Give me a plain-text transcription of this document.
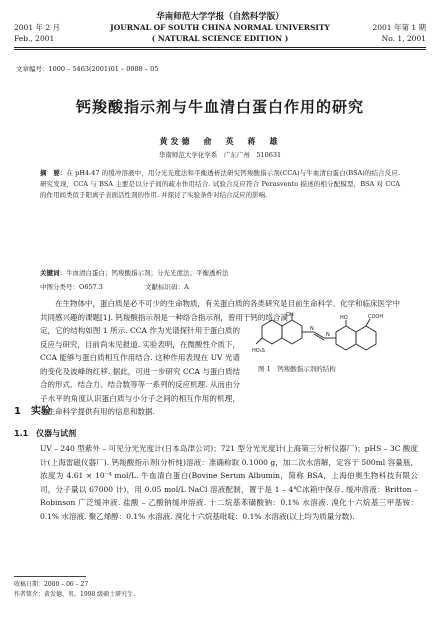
华南师范大学学报（自然科学版）
2001 年 2 月
Feb., 2001
JOURNAL OF SOUTH CHINA NORMAL UNIVERSITY
( NATURAL SCIENCE EDITION )
2001 年第 1 期
No. 1, 2001
文章编号：1000 – 5463(2001)01 – 0088 – 05
钙羧酸指示剂与牛血清白蛋白作用的研究
黄发德　俞　英　蒋　雄
华南师范大学化学系　广东广州　510631
摘　要：在 pH4.47 的缓冲溶液中，用分光光度法和平衡透析法研究钙羧酸指示剂(CCA)与牛血清白蛋白(BSA)的结合反应. 研究发现，CCA 与 BSA 主要是以分子间的疏水作用结合. 试验合反应符合 Perasvento 描述的相分配模型，BSA 对 CCA 的作用间类似于阳离子表面活性剂的作用. 并探讨了实验条件对结合反应的影响.
关键词：牛血清白蛋白；钙羧酸指示剂；分光光度法；平衡透析法
中图分类号：O657.3	文献标识码：A
在生物体中，蛋白质是必不可少的生命物质，有关蛋白质的各类研究是目前生命科学、化学和临床医学中共同感兴趣的课题[1]. 钙羧酸指示剂是一种络合指示剂，曾用于钙的络合滴
定，它的结构如图 1 所示. CCA 作为光谱探针用于蛋白质的反应与研究，目前尚未见报道. 实验表明，在微酸性介质下，CCA 能够与蛋白质相互作用结合. 这种作用表现在 UV 光谱的变化及波峰的红移. 据此，可进一步研究 CCA 与蛋白质结合的形式、结合力、结合数等等一系列的反应机理. 从而由分子水平的角度认识蛋白质与小分子之间的相互作用的机理，为生命科学提供有用的信息和数据.
OH	COOH
HO
N
N
HO₃S
图 1　钙羧酸指示剂的结构
1　实验
1.1　仪器与试剂
UV – 240 型紫外 – 可见分光光度计(日本岛津公司)；721 型分光光度计(上海第三分析仪器厂)；pHS – 3C 酸度计(上海雷磁仪器厂). 钙羧酸指示剂(分析纯)溶液：准确称取 0.1000 g，加二次水溶解，定容于 500ml 容量瓶，浓度为 4.61 × 10⁻⁴ mol/L. 牛血清白蛋白(Bovine Serum Albumin，简称 BSA，上海伯奥生物科技有限公司，分子量以 67000 计)，用 0.05 mol/L NaCl 溶液配制，置于是 1 – 4℃冰箱中保存. 缓冲溶液：Britton – Robinson 广泛缓冲液. 盐酸 – 乙酸钠缓冲溶液. 十二烷基苯磺酸钠：0.1% 水溶液. 溴化十六烷基三甲基铵：0.1% 水溶液. 聚乙烯醇：0.1% 水溶液. 溴化十六烷基吡啶：0.1% 水溶液(以上均为质量分数).
收稿日期：2000 – 06 – 27
作者简介：黄发德，男，1998 级硕士研究生.
